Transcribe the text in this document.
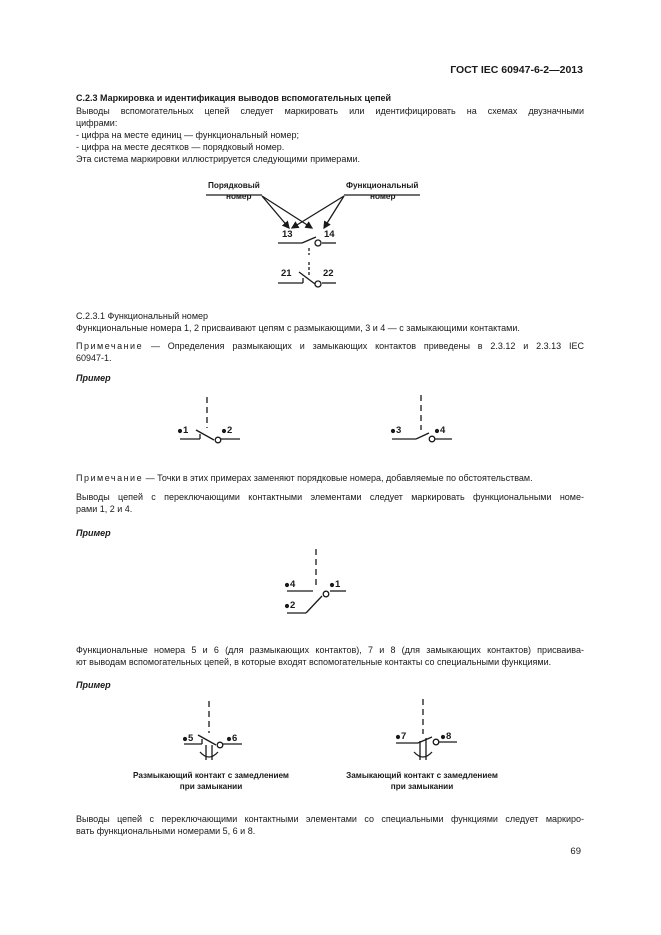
ГОСТ IEC 60947-6-2—2013
С.2.3 Маркировка и идентификация выводов вспомогательных цепей
Выводы вспомогательных цепей следует маркировать или идентифицировать на схемах двузначными
цифрами:
- цифра на месте единиц — функциональный номер;
- цифра на месте десятков — порядковый номер.
Эта система маркировки иллюстрируется следующими примерами.
Порядковый
номер
Функциональный
номер
13	14
21	22
С.2.3.1 Функциональный номер
Функциональные номера 1, 2 присваивают цепям с размыкающими, 3 и 4 — с замыкающими контактами.
Примечание — Определения размыкающих и замыкающих контактов приведены в 2.3.12 и 2.3.13 IEC
60947-1.
Пример
1	2	3	4
Примечание — Точки в этих примерах заменяют порядковые номера, добавляемые по обстоятельствам.
Выводы цепей с переключающими контактными элементами следует маркировать функциональными номе-
рами 1, 2 и 4.
Пример
4	1
2
Функциональные номера 5 и 6 (для размыкающих контактов), 7 и 8 (для замыкающих контактов) присваива-
ют выводам вспомогательных цепей, в которые входят вспомогательные контакты со специальными функциями.
Пример
5	6	7	8
Размыкающий контакт с замедлением
при замыкании
Замыкающий контакт с замедлением
при замыкании
Выводы цепей с переключающими контактными элементами со специальными функциями следует маркиро-
вать функциональными номерами 5, 6 и 8.
69
